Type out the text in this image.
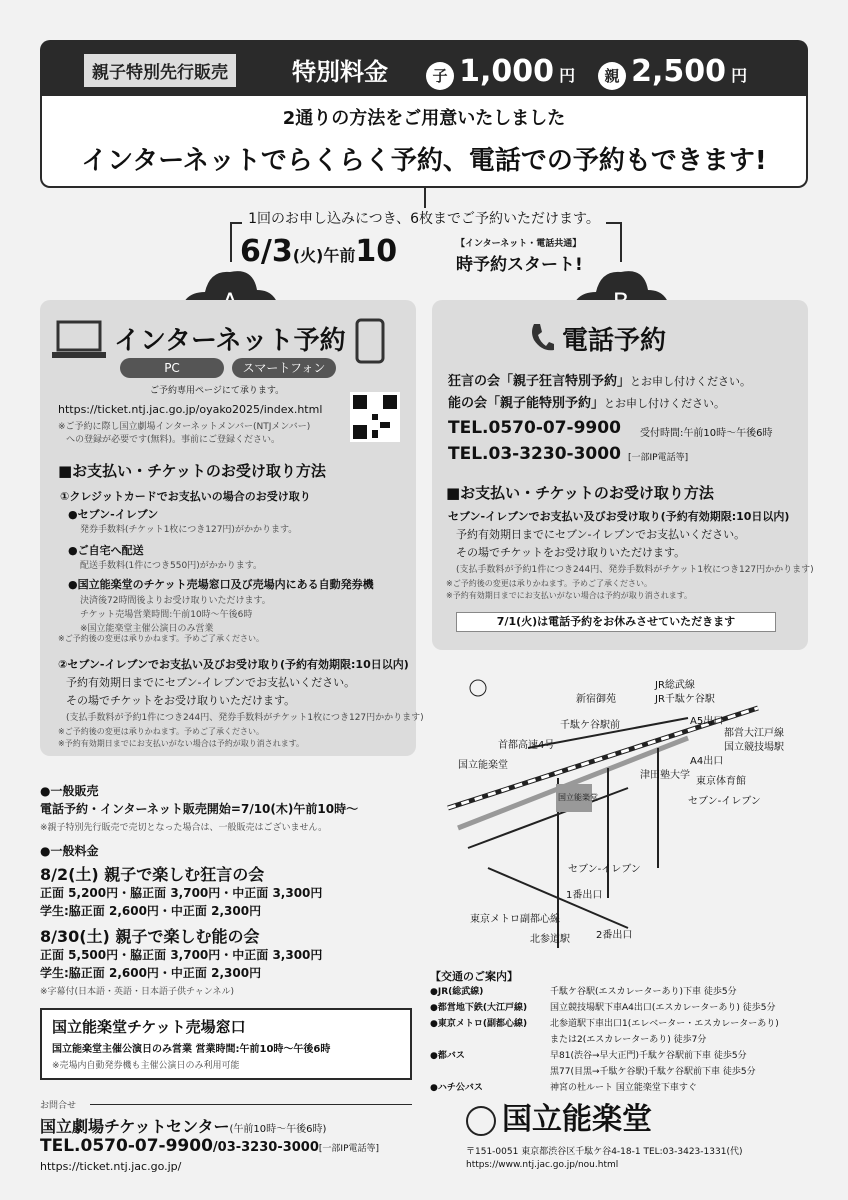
親子特別先行販売	特別料金	子 1,000 円	親 2,500 円
2通りの方法をご用意いたしました
インターネットでらくらく予約、電話での予約もできます!
1回のお申し込みにつき、6枚までご予約いただけます。
6/3(火)午前10	【インターネット・電話共通】
時予約スタート!
インターネット予約
PC	スマートフォン
ご予約専用ページにて承ります。
https://ticket.ntj.jac.go.jp/oyako2025/index.html
※ご予約に際し国立劇場インターネットメンバー(NTJメンバー)
への登録が必要です(無料)。事前にご登録ください。
■お支払い・チケットのお受け取り方法
①クレジットカードでお支払いの場合のお受け取り
●セブン-イレブン
発券手数料(チケット1枚につき127円)がかかります。
●ご自宅へ配送
配送手数料(1件につき550円)がかかります。
●国立能楽堂のチケット売場窓口及び売場内にある自動発券機
決済後72時間後よりお受け取りいただけます。
チケット売場営業時間:午前10時〜午後6時
※国立能楽堂主催公演日のみ営業
※ご予約後の変更は承りかねます。予めご了承ください。
②セブン-イレブンでお支払い及びお受け取り(予約有効期限:10日以内)
予約有効期日までにセブン-イレブンでお支払いください。
その場でチケットをお受け取りいただけます。
(支払手数料が予約1件につき244円、発券手数料がチケット1枚につき127円かかります)
※ご予約後の変更は承りかねます。予めご了承ください。
※予約有効期日までにお支払いがない場合は予約が取り消されます。
電話予約
狂言の会「親子狂言特別予約」とお申し付けください。
能の会「親子能特別予約」とお申し付けください。
TEL.0570-07-9900 受付時間:午前10時〜午後6時
TEL.03-3230-3000 [一部IP電話等]
■お支払い・チケットのお受け取り方法
セブン-イレブンでお支払い及びお受け取り(予約有効期限:10日以内)
予約有効期日までにセブン-イレブンでお支払いください。
その場でチケットをお受け取りいただけます。
(支払手数料が予約1件につき244円、発券手数料がチケット1枚につき127円かかります)
※ご予約後の変更は承りかねます。予めご了承ください。
※予約有効期日までにお支払いがない場合は予約が取り消されます。
7/1(火)は電話予約をお休みさせていただきます
●一般販売
電話予約・インターネット販売開始=7/10(木)午前10時〜
※親子特別先行販売で売切となった場合は、一般販売はございません。
●一般料金
8/2(土) 親子で楽しむ狂言の会
正面 5,200円・脇正面 3,700円・中正面 3,300円
学生:脇正面 2,600円・中正面 2,300円
8/30(土) 親子で楽しむ能の会
正面 5,500円・脇正面 3,700円・中正面 3,300円
学生:脇正面 2,600円・中正面 2,300円
※字幕付(日本語・英語・日本語子供チャンネル)
国立能楽堂チケット売場窓口
国立能楽堂主催公演日のみ営業 営業時間:午前10時〜午後6時
※売場内自動発券機も主催公演日のみ利用可能
お問合せ
国立劇場チケットセンター(午前10時〜午後6時)
TEL.0570-07-9900/03-3230-3000[一部IP電話等]
https://ticket.ntj.jac.go.jp/
新宿御苑
JR総武線
JR千駄ケ谷駅
千駄ケ谷駅前	A5出口
都営大江戸線
国立競技場駅
首都高速4号
A4出口
国立能楽堂
津田塾大学
東京体育館
国立能楽堂	セブン-イレブン
セブン-イレブン
1番出口
2番出口
北参道駅
東京メトロ副都心線
【交通のご案内】
●JR(総武線)	千駄ケ谷駅(エスカレーターあり)下車 徒歩5分
●都営地下鉄(大江戸線)	国立競技場駅下車A4出口(エスカレーターあり) 徒歩5分
●東京メトロ(副都心線)	北参道駅下車出口1(エレベーター・エスカレーターあり)
または2(エスカレーターあり) 徒歩7分
●都バス	早81(渋谷→早大正門)千駄ケ谷駅前下車 徒歩5分
黒77(目黒→千駄ケ谷駅)千駄ケ谷駅前下車 徒歩5分
●ハチ公バス	神宮の杜ルート 国立能楽堂下車すぐ
国立能楽堂
〒151-0051 東京都渋谷区千駄ケ谷4-18-1 TEL:03-3423-1331(代)
https://www.ntj.jac.go.jp/nou.html
